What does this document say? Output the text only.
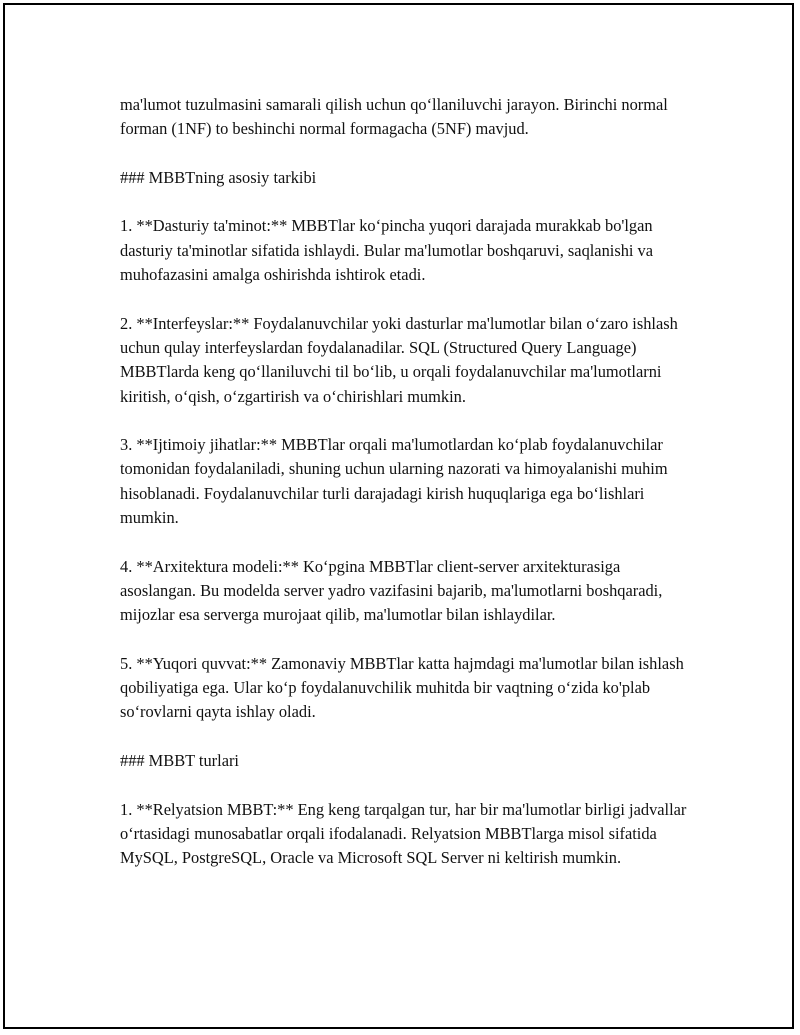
ma'lumot tuzulmasini samarali qilish uchun qo‘llaniluvchi jarayon. Birinchi normal forman (1NF) to beshinchi normal formagacha (5NF) mavjud.

### MBBTning asosiy tarkibi

1. **Dasturiy ta'minot:** MBBTlar ko‘pincha yuqori darajada murakkab bo'lgan dasturiy ta'minotlar sifatida ishlaydi. Bular ma'lumotlar boshqaruvi, saqlanishi va muhofazasini amalga oshirishda ishtirok etadi.

2. **Interfeyslar:** Foydalanuvchilar yoki dasturlar ma'lumotlar bilan o‘zaro ishlash uchun qulay interfeyslardan foydalanadilar. SQL (Structured Query Language) MBBTlarda keng qo‘llaniluvchi til bo‘lib, u orqali foydalanuvchilar ma'lumotlarni kiritish, o‘qish, o‘zgartirish va o‘chirishlari mumkin.

3. **Ijtimoiy jihatlar:** MBBTlar orqali ma'lumotlardan ko‘plab foydalanuvchilar tomonidan foydalaniladi, shuning uchun ularning nazorati va himoyalanishi muhim hisoblanadi. Foydalanuvchilar turli darajadagi kirish huquqlariga ega bo‘lishlari mumkin.

4. **Arxitektura modeli:** Ko‘pgina MBBTlar client-server arxitekturasiga asoslangan. Bu modelda server yadro vazifasini bajarib, ma'lumotlarni boshqaradi, mijozlar esa serverga murojaat qilib, ma'lumotlar bilan ishlaydilar.

5. **Yuqori quvvat:** Zamonaviy MBBTlar katta hajmdagi ma'lumotlar bilan ishlash qobiliyatiga ega. Ular ko‘p foydalanuvchilik muhitda bir vaqtning o‘zida ko'plab so‘rovlarni qayta ishlay oladi.

### MBBT turlari

1. **Relyatsion MBBT:** Eng keng tarqalgan tur, har bir ma'lumotlar birligi jadvallar o‘rtasidagi munosabatlar orqali ifodalanadi. Relyatsion MBBTlarga misol sifatida MySQL, PostgreSQL, Oracle va Microsoft SQL Server ni keltirish mumkin.
